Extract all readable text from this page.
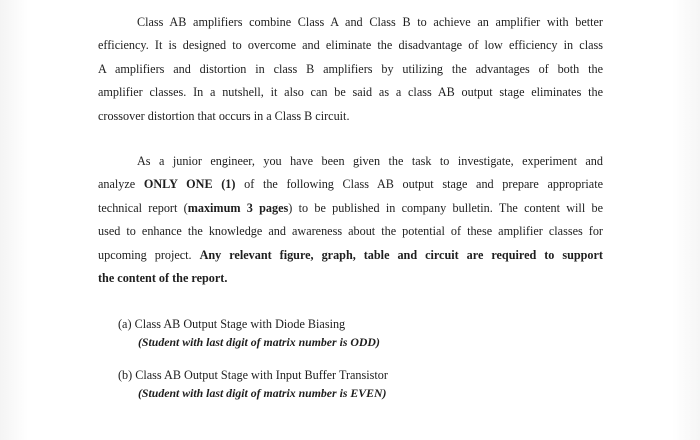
Class AB amplifiers combine Class A and Class B to achieve an amplifier with better
efficiency. It is designed to overcome and eliminate the disadvantage of low efficiency in class
A amplifiers and distortion in class B amplifiers by utilizing the advantages of both the
amplifier classes. In a nutshell, it also can be said as a class AB output stage eliminates the
crossover distortion that occurs in a Class B circuit.

As a junior engineer, you have been given the task to investigate, experiment and
analyze ONLY ONE (1) of the following Class AB output stage and prepare appropriate
technical report (maximum 3 pages) to be published in company bulletin. The content will be
used to enhance the knowledge and awareness about the potential of these amplifier classes for
upcoming project. Any relevant figure, graph, table and circuit are required to support
the content of the report.

(a) Class AB Output Stage with Diode Biasing
(Student with last digit of matrix number is ODD)
(b) Class AB Output Stage with Input Buffer Transistor
(Student with last digit of matrix number is EVEN)
